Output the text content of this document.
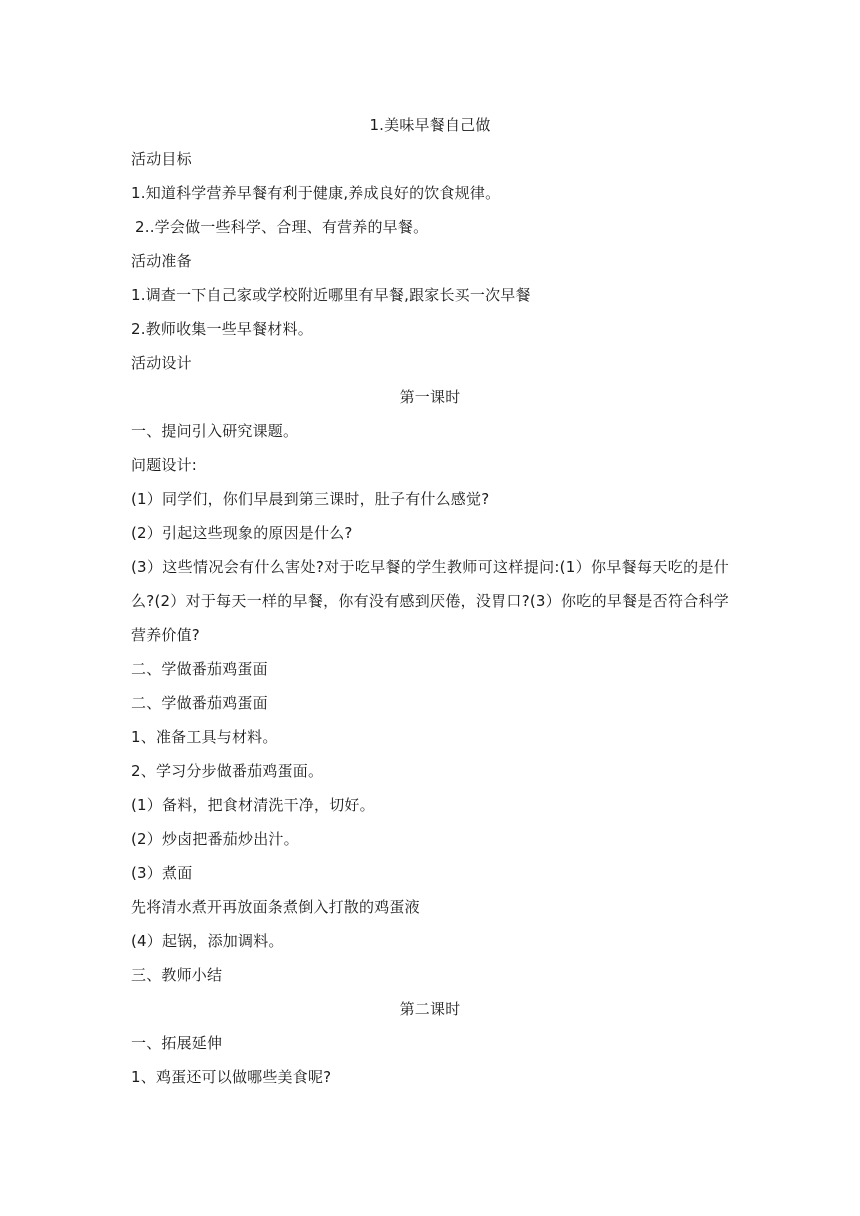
1.美味早餐自己做
活动目标
1.知道科学营养早餐有利于健康,养成良好的饮食规律。
2..学会做一些科学、合理、有营养的早餐。
活动准备
1.调查一下自己家或学校附近哪里有早餐,跟家长买一次早餐
2.教师收集一些早餐材料。
活动设计
第一课时
一、提问引入研究课题。
问题设计:
(1）同学们，你们早晨到第三课时，肚子有什么感觉?
(2）引起这些现象的原因是什么?
(3）这些情况会有什么害处?对于吃早餐的学生教师可这样提问:(1）你早餐每天吃的是什么?(2）对于每天一样的早餐，你有没有感到厌倦，没胃口?(3）你吃的早餐是否符合科学营养价值?
二、学做番茄鸡蛋面
二、学做番茄鸡蛋面
1、准备工具与材料。
2、学习分步做番茄鸡蛋面。
(1）备料，把食材清洗干净，切好。
(2）炒卤把番茄炒出汁。
(3）煮面
先将清水煮开再放面条煮倒入打散的鸡蛋液
(4）起锅，添加调料。
三、教师小结
第二课时
一、拓展延伸
1、鸡蛋还可以做哪些美食呢?
